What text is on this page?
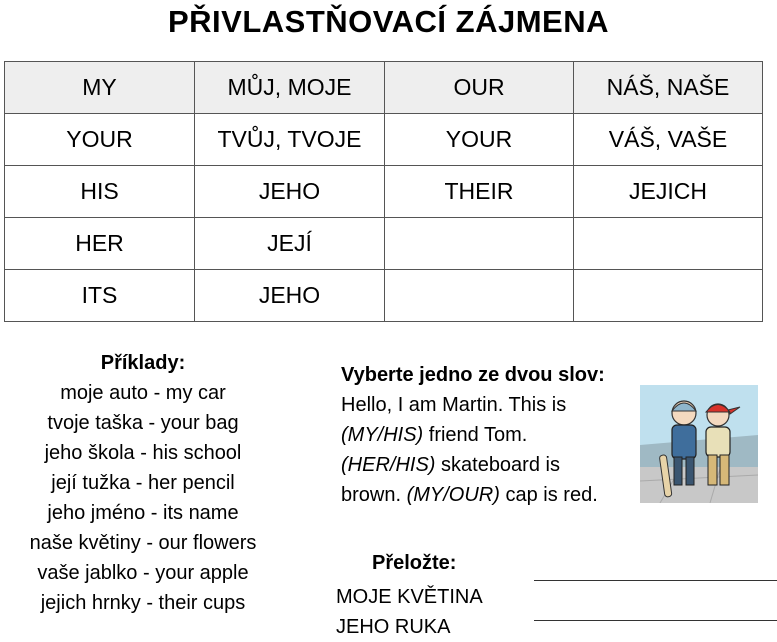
PŘIVLASTŇOVACÍ ZÁJMENA
MY	MŮJ, MOJE	OUR	NÁŠ, NAŠE
YOUR	TVŮJ, TVOJE	YOUR	VÁŠ, VAŠE
HIS	JEHO	THEIR	JEJICH
HER	JEJÍ		
ITS	JEHO		
Příklady:
moje auto - my car
tvoje taška - your bag
jeho škola - his school
její tužka - her pencil
jeho jméno - its name
naše květiny - our flowers
vaše jablko - your apple
jejich hrnky - their cups
Vyberte jedno ze dvou slov:
Hello, I am Martin. This is
(MY/HIS) friend Tom.
(HER/HIS) skateboard is
brown. (MY/OUR) cap is red.
Přeložte:
MOJE KVĚTINA
JEHO RUKA
